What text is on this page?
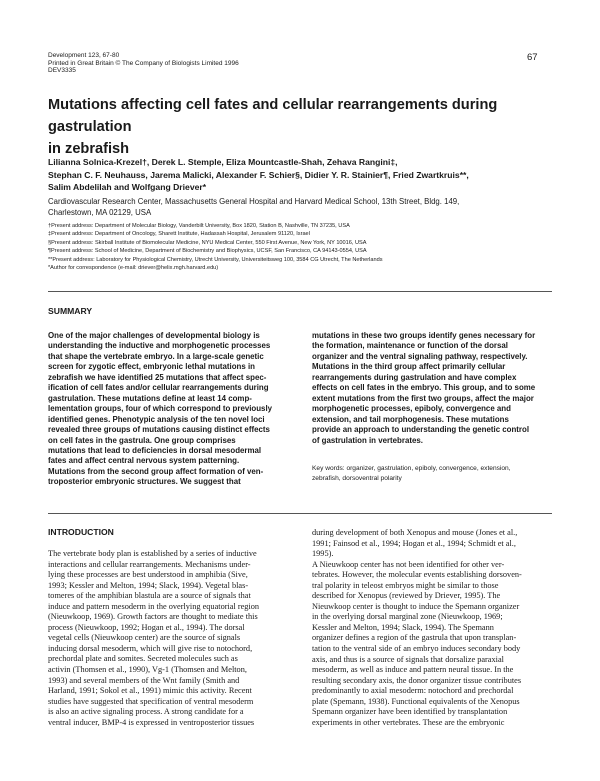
Development 123, 67-80
Printed in Great Britain © The Company of Biologists Limited 1996
DEV3335
67
Mutations affecting cell fates and cellular rearrangements during gastrulation
in zebrafish
Lilianna Solnica-Krezel†, Derek L. Stemple, Eliza Mountcastle-Shah, Zehava Rangini‡,
Stephan C. F. Neuhauss, Jarema Malicki, Alexander F. Schier§, Didier Y. R. Stainier¶, Fried Zwartkruis**,
Salim Abdelilah and Wolfgang Driever*
Cardiovascular Research Center, Massachusetts General Hospital and Harvard Medical School, 13th Street, Bldg. 149,
Charlestown, MA 02129, USA
†Present address: Department of Molecular Biology, Vanderbilt University, Box 1820, Station B, Nashville, TN 37235, USA
‡Present address: Department of Oncology, Sharett Institute, Hadassah Hospital, Jerusalem 91120, Israel
§Present address: Skirball Institute of Biomolecular Medicine, NYU Medical Center, 550 First Avenue, New York, NY 10016, USA
¶Present address: School of Medicine, Department of Biochemistry and Biophysics, UCSF, San Francisco, CA 94143-0554, USA
**Present address: Laboratory for Physiological Chemistry, Utrecht University, Universiteitsweg 100, 3584 CG Utrecht, The Netherlands
*Author for correspondence (e-mail: driever@helix.mgh.harvard.edu)
SUMMARY
One of the major challenges of developmental biology is
understanding the inductive and morphogenetic processes
that shape the vertebrate embryo. In a large-scale genetic
screen for zygotic effect, embryonic lethal mutations in
zebrafish we have identified 25 mutations that affect spec-
ification of cell fates and/or cellular rearrangements during
gastrulation. These mutations define at least 14 comp-
lementation groups, four of which correspond to previously
identified genes. Phenotypic analysis of the ten novel loci
revealed three groups of mutations causing distinct effects
on cell fates in the gastrula. One group comprises
mutations that lead to deficiencies in dorsal mesodermal
fates and affect central nervous system patterning.
Mutations from the second group affect formation of ven-
troposterior embryonic structures. We suggest that
mutations in these two groups identify genes necessary for
the formation, maintenance or function of the dorsal
organizer and the ventral signaling pathway, respectively.
Mutations in the third group affect primarily cellular
rearrangements during gastrulation and have complex
effects on cell fates in the embryo. This group, and to some
extent mutations from the first two groups, affect the major
morphogenetic processes, epiboly, convergence and
extension, and tail morphogenesis. These mutations
provide an approach to understanding the genetic control
of gastrulation in vertebrates.
Key words: organizer, gastrulation, epiboly, convergence, extension,
zebrafish, dorsoventral polarity
INTRODUCTION
The vertebrate body plan is established by a series of inductive
interactions and cellular rearrangements. Mechanisms under-
lying these processes are best understood in amphibia (Sive,
1993; Kessler and Melton, 1994; Slack, 1994). Vegetal blas-
tomeres of the amphibian blastula are a source of signals that
induce and pattern mesoderm in the overlying equatorial region
(Nieuwkoop, 1969). Growth factors are thought to mediate this
process (Nieuwkoop, 1992; Hogan et al., 1994). The dorsal
vegetal cells (Nieuwkoop center) are the source of signals
inducing dorsal mesoderm, which will give rise to notochord,
prechordal plate and somites. Secreted molecules such as
activin (Thomsen et al., 1990), Vg-1 (Thomsen and Melton,
1993) and several members of the Wnt family (Smith and
Harland, 1991; Sokol et al., 1991) mimic this activity. Recent
studies have suggested that specification of ventral mesoderm
is also an active signaling process. A strong candidate for a
ventral inducer, BMP-4 is expressed in ventroposterior tissues
during development of both Xenopus and mouse (Jones et al.,
1991; Fainsod et al., 1994; Hogan et al., 1994; Schmidt et al.,
1995).
A Nieuwkoop center has not been identified for other ver-
tebrates. However, the molecular events establishing dorsoven-
tral polarity in teleost embryos might be similar to those
described for Xenopus (reviewed by Driever, 1995). The
Nieuwkoop center is thought to induce the Spemann organizer
in the overlying dorsal marginal zone (Nieuwkoop, 1969;
Kessler and Melton, 1994; Slack, 1994). The Spemann
organizer defines a region of the gastrula that upon transplan-
tation to the ventral side of an embryo induces secondary body
axis, and thus is a source of signals that dorsalize paraxial
mesoderm, as well as induce and pattern neural tissue. In the
resulting secondary axis, the donor organizer tissue contributes
predominantly to axial mesoderm: notochord and prechordal
plate (Spemann, 1938). Functional equivalents of the Xenopus
Spemann organizer have been identified by transplantation
experiments in other vertebrates. These are the embryonic
